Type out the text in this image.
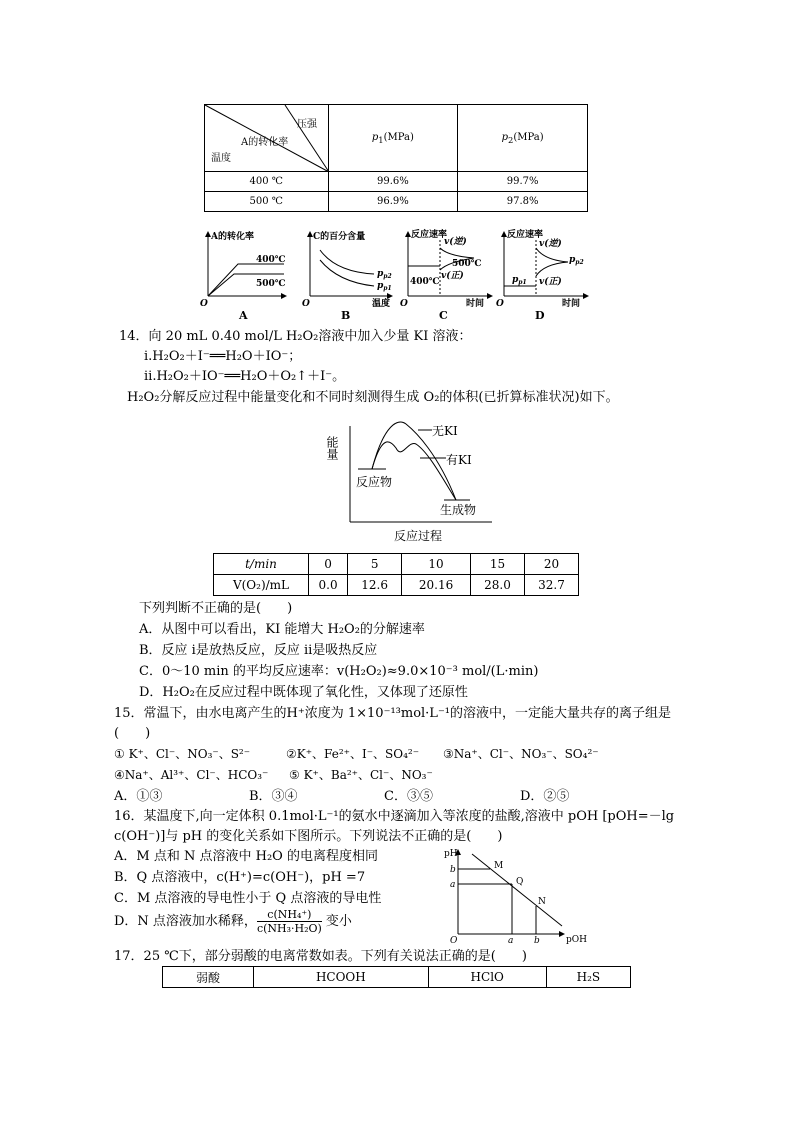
压强
A的转化率
温度	$p_1(MPa)$	$p_2(MPa)$
400 ℃	99.6%	99.7%
500 ℃	96.9%	97.8%
A的转化率
400℃
500℃
O
A
C的百分含量
$p_{p2}$
$p_{p1}$
O	温度
B
反应速率
v(逆)
500℃
v(正)
400℃
O	时间
C
反应速率
v(逆)
$p_{p2}$
v(正)
$p_{p1}$
O	时间
D
14．向 20 mL 0.40 mol/L H₂O₂溶液中加入少量 KI 溶液：
ⅰ.H₂O₂＋I⁻══H₂O＋IO⁻；
ⅱ.H₂O₂＋IO⁻══H₂O＋O₂↑＋I⁻。
H₂O₂分解反应过程中能量变化和不同时刻测得生成 O₂的体积(已折算标准状况)如下。
能量
无KI
有KI
反应物
生成物
反应过程
t/min	0	5	10	15	20
V(O₂)/mL	0.0	12.6	20.16	28.0	32.7
下列判断不正确的是(　　)
A．从图中可以看出，KI 能增大 H₂O₂的分解速率
B．反应 ⅰ是放热反应，反应 ⅱ是吸热反应
C．0～10 min 的平均反应速率：v(H₂O₂)≈9.0×10⁻³ mol/(L·min)
D．H₂O₂在反应过程中既体现了氧化性，又体现了还原性
15．常温下，由水电离产生的H⁺浓度为 1×10⁻¹³mol·L⁻¹的溶液中，一定能大量共存的离子组是
(　　)
① K⁺、Cl⁻、NO₃⁻、S²⁻	②K⁺、Fe²⁺、I⁻、SO₄²⁻ ③Na⁺、Cl⁻、NO₃⁻、SO₄²⁻
④Na⁺、Al³⁺、Cl⁻、HCO₃⁻ ⑤ K⁺、Ba²⁺、Cl⁻、NO₃⁻
A．①③	B．③④	C．③⑤	D．②⑤
16．某温度下,向一定体积 0.1mol·L⁻¹的氨水中逐滴加入等浓度的盐酸,溶液中 pOH [pOH=－lg
c(OH⁻)]与 pH 的变化关系如下图所示。下列说法不正确的是(　　)
A．M 点和 N 点溶液中 H₂O 的电离程度相同
B．Q 点溶液中，c(H⁺)=c(OH⁻)，pH =7
C．M 点溶液的导电性小于 Q 点溶液的导电性
D．N 点溶液加水稀释， $\frac{\text{c(NH₄⁺)}}{\text{c(NH₃·H₂O)}}$ 变小
pH
pOH
b
a
a b
M
Q
N
O
17．25 ℃下，部分弱酸的电离常数如表。下列有关说法正确的是(　　)
弱酸	HCOOH	HClO	H₂S
